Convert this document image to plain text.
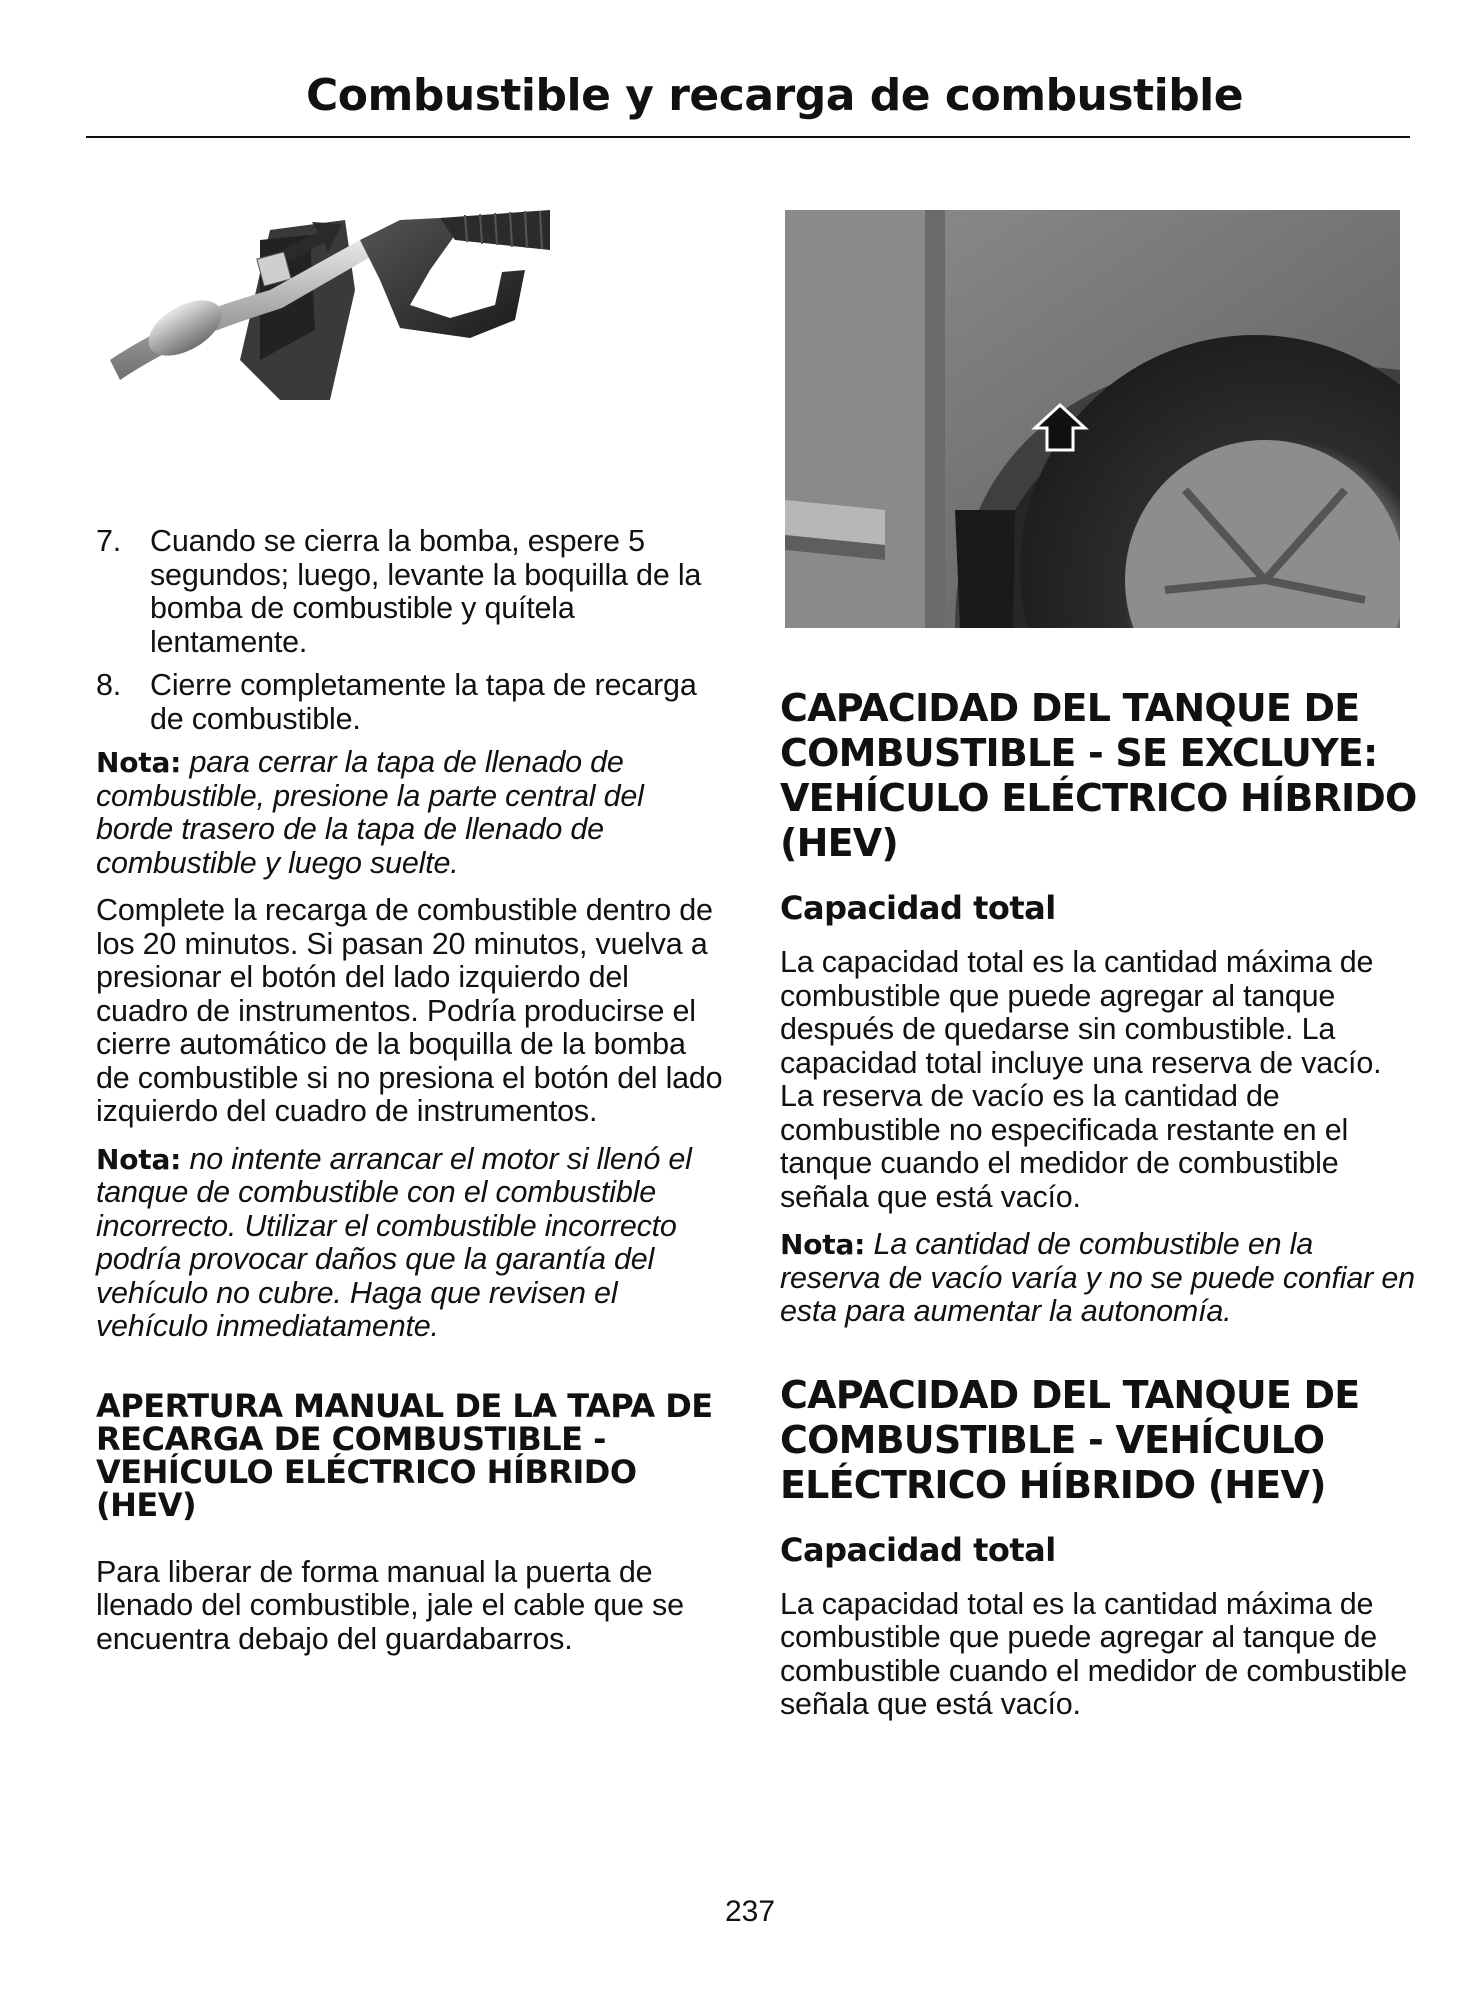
Combustible y recarga de combustible
7. Cuando se cierra la bomba, espere 5 segundos; luego, levante la boquilla de la bomba de combustible y quítela lentamente.
8. Cierre completamente la tapa de recarga de combustible.

Nota: para cerrar la tapa de llenado de combustible, presione la parte central del borde trasero de la tapa de llenado de combustible y luego suelte.

Complete la recarga de combustible dentro de los 20 minutos. Si pasan 20 minutos, vuelva a presionar el botón del lado izquierdo del cuadro de instrumentos. Podría producirse el cierre automático de la boquilla de la bomba de combustible si no presiona el botón del lado izquierdo del cuadro de instrumentos.

Nota: no intente arrancar el motor si llenó el tanque de combustible con el combustible incorrecto. Utilizar el combustible incorrecto podría provocar daños que la garantía del vehículo no cubre. Haga que revisen el vehículo inmediatamente.

APERTURA MANUAL DE LA TAPA DE RECARGA DE COMBUSTIBLE -VEHÍCULO ELÉCTRICO HÍBRIDO (HEV)

Para liberar de forma manual la puerta de llenado del combustible, jale el cable que se encuentra debajo del guardabarros.

CAPACIDAD DEL TANQUE DE COMBUSTIBLE - SE EXCLUYE: VEHÍCULO ELÉCTRICO HÍBRIDO (HEV)
Capacidad total

La capacidad total es la cantidad máxima de combustible que puede agregar al tanque después de quedarse sin combustible. La capacidad total incluye una reserva de vacío. La reserva de vacío es la cantidad de combustible no especificada restante en el tanque cuando el medidor de combustible señala que está vacío.

Nota: La cantidad de combustible en la reserva de vacío varía y no se puede confiar en esta para aumentar la autonomía.

CAPACIDAD DEL TANQUE DE COMBUSTIBLE - VEHÍCULO ELÉCTRICO HÍBRIDO (HEV)
Capacidad total

La capacidad total es la cantidad máxima de combustible que puede agregar al tanque de combustible cuando el medidor de combustible señala que está vacío.

237
